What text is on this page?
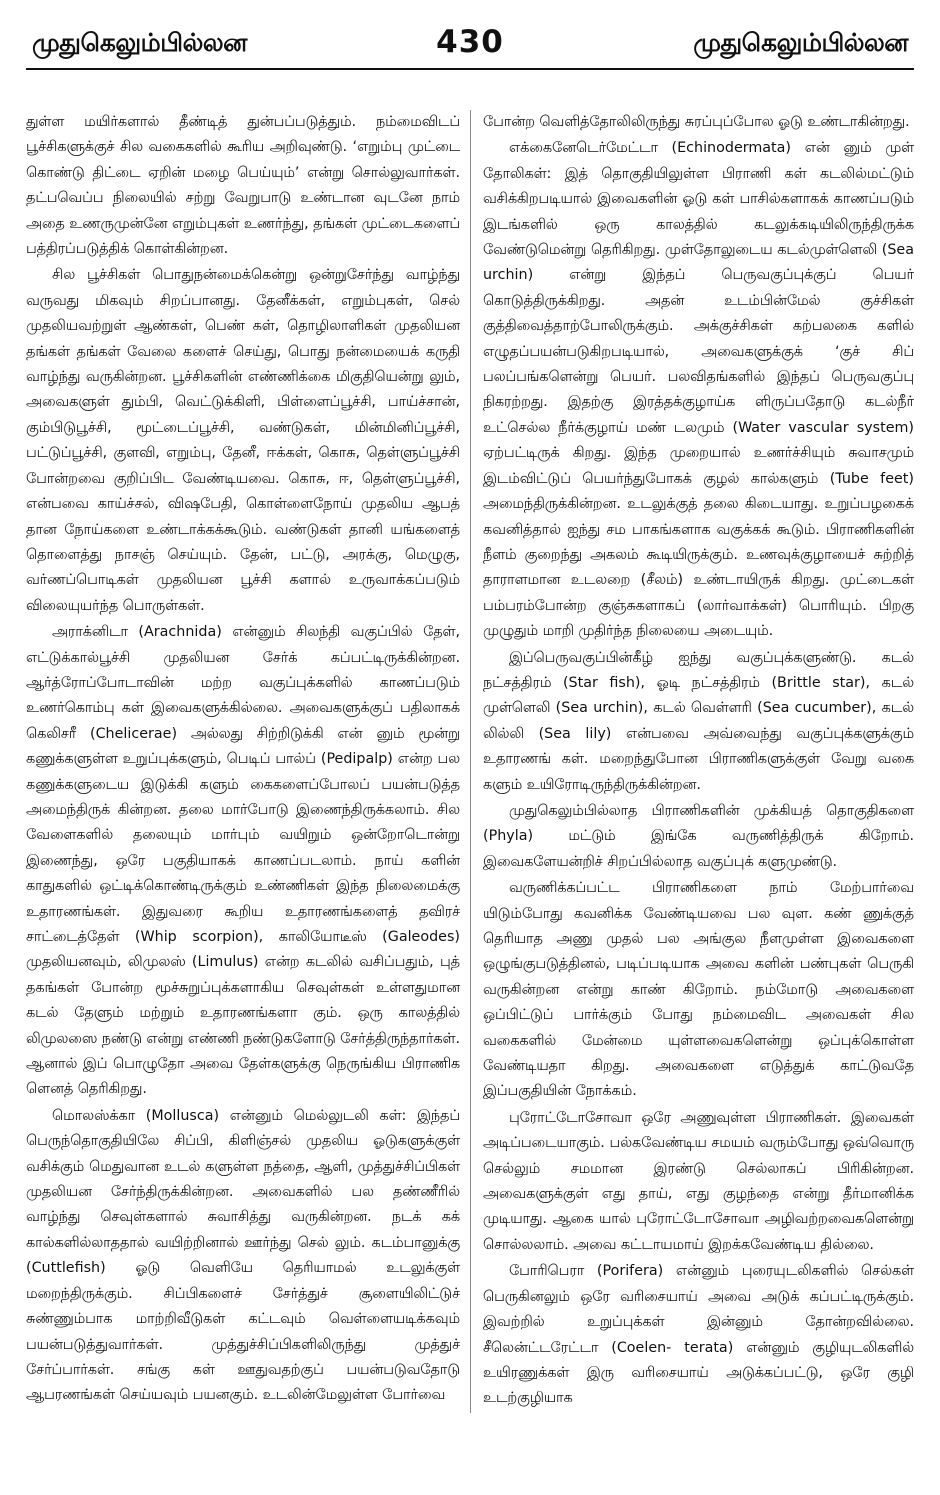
முதுகெலும்பில்லன	430	முதுகெலும்பில்லன

துள்ள மயிர்களால் தீண்டித் துன்பப்படுத்தும். நம்மைவிடப் பூச்சிகளுக்குச் சில வகைகளில் கூரிய அறிவுண்டு. ‘எறும்பு முட்டை கொண்டு திட்டை ஏறின் மழை பெய்யும்’ என்று சொல்லுவார்கள். தட்பவெப்ப நிலையில் சற்று வேறுபாடு உண்டான வுடனே நாம் அதை உணருமுன்னே எறும்புகள் உணர்ந்து, தங்கள் முட்டைகளைப் பத்திரப்படுத்திக் கொள்கின்றன.

சில பூச்சிகள் பொதுநன்மைக்கென்று ஒன்றுசேர்ந்து வாழ்ந்து வருவது மிகவும் சிறப்பானது. தேனீக்கள், எறும்புகள், செல் முதலியவற்றுள் ஆண்கள், பெண் கள், தொழிலாளிகள் முதலியன தங்கள் தங்கள் வேலை களைச் செய்து, பொது நன்மையைக் கருதி வாழ்ந்து வருகின்றன. பூச்சிகளின் எண்ணிக்கை மிகுதியென்று லும், அவைகளுள் தும்பி, வெட்டுக்கிளி, பிள்ளைப்பூச்சி, பாய்ச்சான், கும்பிடுபூச்சி, மூட்டைப்பூச்சி, வண்டுகள், மின்மினிப்பூச்சி, பட்டுப்பூச்சி, குளவி, எறும்பு, தேனீ, ஈக்கள், கொசு, தெள்ளுப்பூச்சி போன்றவை குறிப்பிட வேண்டியவை. கொசு, ஈ, தெள்ளுப்பூச்சி, என்பவை காய்ச்சல், விஷபேதி, கொள்ளைநோய் முதலிய ஆபத் தான நோய்களை உண்டாக்கக்கூடும். வண்டுகள் தானி யங்களைத் தொளைத்து நாசஞ் செய்யும். தேன், பட்டு, அரக்கு, மெழுகு, வர்ணப்பொடிகள் முதலியன பூச்சி களால் உருவாக்கப்படும் விலையுயர்ந்த பொருள்கள்.

அராக்னிடா (Arachnida) என்னும் சிலந்தி வகுப்பில் தேள், எட்டுக்கால்பூச்சி முதலியன சேர்க் கப்பட்டிருக்கின்றன. ஆர்த்ரோப்போடாவின் மற்ற வகுப்புக்களில் காணப்படும் உணர்கொம்பு கள் இவைகளுக்கில்லை. அவைகளுக்குப் பதிலாகக் கெலிசரீ (Chelicerae) அல்லது சிற்றிடுக்கி என் னும் மூன்று கணுக்களுள்ள உறுப்புக்களும், பெடிப் பால்ப் (Pedipalp) என்ற பல கணுக்களுடைய இடுக்கி களும் கைகளைப்போலப் பயன்படுத்த அமைந்திருக் கின்றன. தலை மார்போடு இணைந்திருக்கலாம். சில வேளைகளில் தலையும் மார்பும் வயிறும் ஒன்றோடொன்று இணைந்து, ஒரே பகுதியாகக் காணப்படலாம். நாய் களின் காதுகளில் ஒட்டிக்கொண்டிருக்கும் உண்ணிகள் இந்த நிலைமைக்கு உதாரணங்கள். இதுவரை கூறிய உதாரணங்களைத் தவிரச் சாட்டைத்தேள் (Whip scorpion), காலியோடீஸ் (Galeodes) முதலியனவும், லிமுலஸ் (Limulus) என்ற கடலில் வசிப்பதும், புத் தகங்கள் போன்ற மூச்சுறுப்புக்களாகிய செவுள்கள் உள்ளதுமான கடல் தேளும் மற்றும் உதாரணங்களா கும். ஒரு காலத்தில் லிமுலஸை நண்டு என்று எண்ணி நண்டுகளோடு சேர்த்திருந்தார்கள். ஆனால் இப் பொழுதோ அவை தேள்களுக்கு நெருங்கிய பிராணிக ளெனத் தெரிகிறது.

மொலஸ்க்கா (Mollusca) என்னும் மெல்லுடலி கள்: இந்தப் பெருந்தொகுதியிலே சிப்பி, கிளிஞ்சல் முதலிய ஓடுகளுக்குள் வசிக்கும் மெதுவான உடல் களுள்ள நத்தை, ஆளி, முத்துச்சிப்பிகள் முதலியன சேர்ந்திருக்கின்றன. அவைகளில் பல தண்ணீரில் வாழ்ந்து செவுள்களால் சுவாசித்து வருகின்றன. நடக் கக் கால்களில்லாததால் வயிற்றினால் ஊர்ந்து செல் லும். கடம்பானுக்கு (Cuttlefish) ஓடு வெளியே தெரியாமல் உடலுக்குள் மறைந்திருக்கும். சிப்பிகளைச் சேர்த்துச் சூளையிலிட்டுச் சுண்ணும்பாக மாற்றிவீடுகள் கட்டவும் வெள்ளையடிக்கவும் பயன்படுத்துவார்கள். முத்துச்சிப்பிகளிலிருந்து முத்துச் சேர்ப்பார்கள். சங்கு கள் ஊதுவதற்குப் பயன்படுவதோடு ஆபரணங்கள் செய்யவும் பயனகும். உடலின்மேலுள்ள போர்வை

போன்ற வெளித்தோலிலிருந்து சுரப்புப்போல ஓடு உண்டாகின்றது.

எக்கைனேடெர்மேட்டா (Echinodermata) என் னும் முள் தோலிகள்: இத் தொகுதியிலுள்ள பிராணி கள் கடலில்மட்டும் வசிக்கிறபடியால் இவைகளின் ஓடு கள் பாசில்களாகக் காணப்படும் இடங்களில் ஒரு காலத்தில் கடலுக்கடியிலிருந்திருக்க வேண்டுமென்று தெரிகிறது. முள்தோலுடைய கடல்முள்ளெலி (Sea urchin) என்று இந்தப் பெருவகுப்புக்குப் பெயர் கொடுத்திருக்கிறது. அதன் உடம்பின்மேல் குச்சிகள் குத்திவைத்தாற்போலிருக்கும். அக்குச்சிகள் கற்பலகை களில் எழுதப்பயன்படுகிறபடியால், அவைகளுக்குக் ‘குச் சிப் பலப்பங்களென்று பெயர். பலவிதங்களில் இந்தப் பெருவகுப்பு நிகரற்றது. இதற்கு இரத்தக்குழாய்க ளிருப்பதோடு கடல்நீர் உட்செல்ல நீர்க்குழாய் மண் டலமும் (Water vascular system) ஏற்பட்டிருக் கிறது. இந்த முறையால் உணர்ச்சியும் சுவாசமும் இடம்விட்டுப் பெயர்ந்துபோகக் குழல் கால்களும் (Tube feet) அமைந்திருக்கின்றன. உடலுக்குத் தலை கிடையாது. உறுப்பழகைக் கவனித்தால் ஐந்து சம பாகங்களாக வகுக்கக் கூடும். பிராணிகளின் நீளம் குறைந்து அகலம் கூடியிருக்கும். உணவுக்குழாயைச் சுற்றித் தாராளமான உடலறை (சீலம்) உண்டாயிருக் கிறது. முட்டைகள் பம்பரம்போன்ற குஞ்சுகளாகப் (லார்வாக்கள்) பொரியும். பிறகு முழுதும் மாறி முதிர்ந்த நிலையை அடையும்.

இப்பெருவகுப்பின்கீழ் ஐந்து வகுப்புக்களுண்டு. கடல் நட்சத்திரம் (Star fish), ஓடி நட்சத்திரம் (Brittle star), கடல் முள்ளெலி (Sea urchin), கடல் வெள்ளரி (Sea cucumber), கடல் லில்லி (Sea lily) என்பவை அவ்வைந்து வகுப்புக்களுக்கும் உதாரணங் கள். மறைந்துபோன பிராணிகளுக்குள் வேறு வகை களும் உயிரோடிருந்திருக்கின்றன.

முதுகெலும்பில்லாத பிராணிகளின் முக்கியத் தொகுதிகளை (Phyla) மட்டும் இங்கே வருணித்திருக் கிறோம். இவைகளேயன்றிச் சிறப்பில்லாத வகுப்புக் களுமுண்டு.

வருணிக்கப்பட்ட பிராணிகளை நாம் மேற்பார்வை யிடும்போது கவனிக்க வேண்டியவை பல வுள. கண் ணுக்குத் தெரியாத அணு முதல் பல அங்குல நீளமுள்ள இவைகளை ஒழுங்குபடுத்தினல், படிப்படியாக அவை களின் பண்புகள் பெருகி வருகின்றன என்று காண் கிறோம். நம்மோடு அவைகளை ஒப்பிட்டுப் பார்க்கும் போது நம்மைவிட அவைகள் சில வகைகளில் மேன்மை யுள்ளவைகளென்று ஒப்புக்கொள்ள வேண்டியதா கிறது. அவைகளை எடுத்துக் காட்டுவதே இப்பகுதியின் நோக்கம்.

புரோட்டோசோவா ஒரே அணுவுள்ள பிராணிகள். இவைகள் அடிப்படையாகும். பல்கவேண்டிய சமயம் வரும்போது ஒவ்வொரு செல்லும் சமமான இரண்டு செல்லாகப் பிரிகின்றன. அவைகளுக்குள் எது தாய், எது குழந்தை என்று தீர்மானிக்க முடியாது. ஆகை யால் புரோட்டோசோவா அழிவற்றவைகளென்று சொல்லலாம். அவை கட்டாயமாய் இறக்கவேண்டிய தில்லை.

போரிபெரா (Porifera) என்னும் புரையுடலிகளில் செல்கள் பெருகினலும் ஒரே வரிசையாய் அவை அடுக் கப்பட்டிருக்கும். இவற்றில் உறுப்புக்கள் இன்னும் தோன்றவில்லை. சீலென்ட்டரேட்டா (Coelen- terata) என்னும் குழியுடலிகளில் உயிரணுக்கள் இரு வரிசையாய் அடுக்கப்பட்டு, ஒரே குழி உடற்குழியாக
